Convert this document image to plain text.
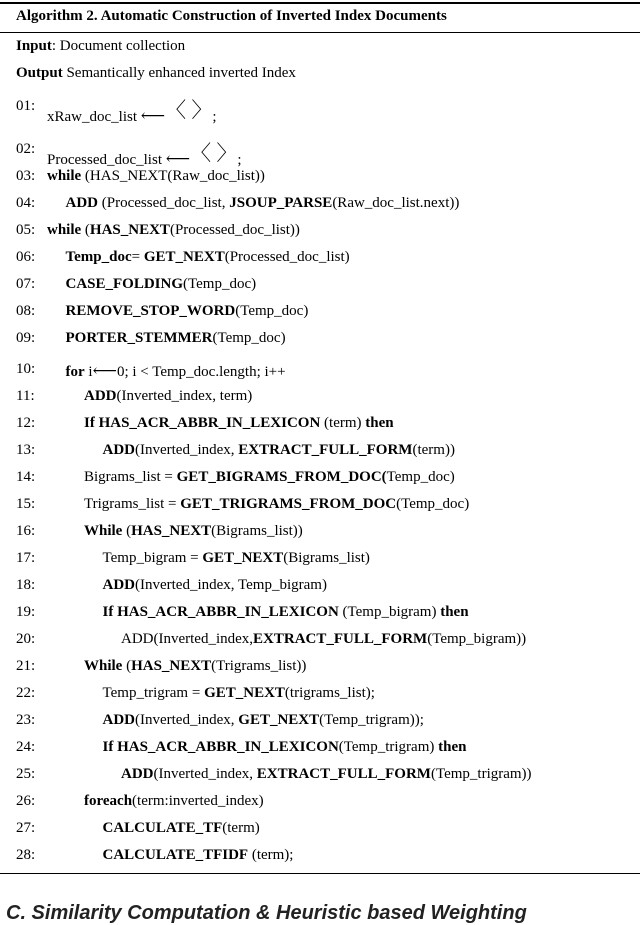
Algorithm 2. Automatic Construction of Inverted Index Documents
Input: Document collection
Output Semantically enhanced inverted Index
01:
xRaw_doc_list ⟵〈 〉;
02:
Processed_doc_list ⟵〈 〉;
03: while (HAS_NEXT(Raw_doc_list))
04: ADD (Processed_doc_list, JSOUP_PARSE(Raw_doc_list.next))
05: while (HAS_NEXT(Processed_doc_list))
06: Temp_doc= GET_NEXT(Processed_doc_list)
07: CASE_FOLDING(Temp_doc)
08: REMOVE_STOP_WORD(Temp_doc)
09: PORTER_STEMMER(Temp_doc)
10: for i⟵0; i < Temp_doc.length; i++
11:	ADD(Inverted_index, term)
12:	If HAS_ACR_ABBR_IN_LEXICON (term) then
13:	ADD(Inverted_index, EXTRACT_FULL_FORM(term))
14:	Bigrams_list = GET_BIGRAMS_FROM_DOC(Temp_doc)
15:	Trigrams_list = GET_TRIGRAMS_FROM_DOC(Temp_doc)
16:	While (HAS_NEXT(Bigrams_list))
17:	Temp_bigram = GET_NEXT(Bigrams_list)
18:	ADD(Inverted_index, Temp_bigram)
19:	If HAS_ACR_ABBR_IN_LEXICON (Temp_bigram) then
20:	ADD(Inverted_index,EXTRACT_FULL_FORM(Temp_bigram))
21:	While (HAS_NEXT(Trigrams_list))
22:	Temp_trigram = GET_NEXT(trigrams_list);
23:	ADD(Inverted_index, GET_NEXT(Temp_trigram));
24:	If HAS_ACR_ABBR_IN_LEXICON(Temp_trigram) then
25:	ADD(Inverted_index, EXTRACT_FULL_FORM(Temp_trigram))
26:	foreach(term:inverted_index)
27:	CALCULATE_TF(term)
28:	CALCULATE_TFIDF (term);
C. Similarity Computation & Heuristic based Weighting
